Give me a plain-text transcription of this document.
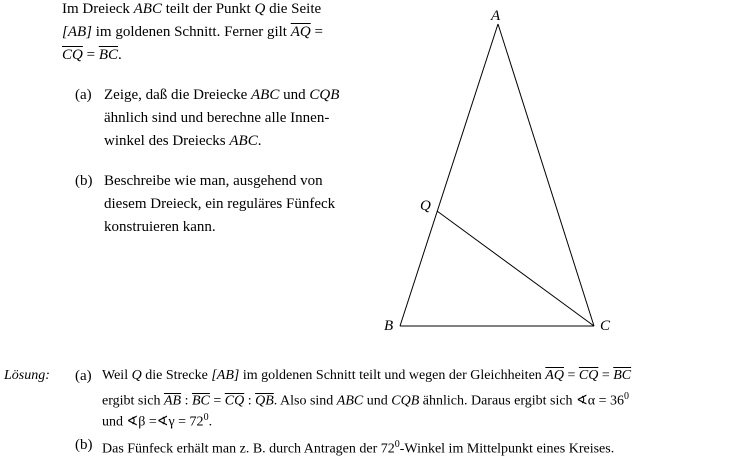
Im Dreieck ABC teilt der Punkt Q die Seite
[AB] im goldenen Schnitt. Ferner gilt $\overline{AQ}$ =
$\overline{CQ} = \overline{BC}$.
(a) Zeige, daß die Dreiecke ABC und CQB
ähnlich sind und berechne alle Innen-
winkel des Dreiecks ABC.
(b) Beschreibe wie man, ausgehend von
diesem Dreieck, ein reguläres Fünfeck
konstruieren kann.
A
B	C
Q
Lösung: (a) Weil Q die Strecke [AB] im goldenen Schnitt teilt und wegen der Gleichheiten $\overline{AQ} = \overline{CQ} = \overline{BC}$
ergibt sich $\overline{AB}$ : $\overline{BC} = \overline{CQ}$ : $\overline{QB}$. Also sind ABC und CQB ähnlich. Daraus ergibt sich ∢α = $36^0$
und ∢β =∢γ = $72^0$.
(b) Das Fünfeck erhält man z. B. durch Antragen der $72^0$-Winkel im Mittelpunkt eines Kreises.
